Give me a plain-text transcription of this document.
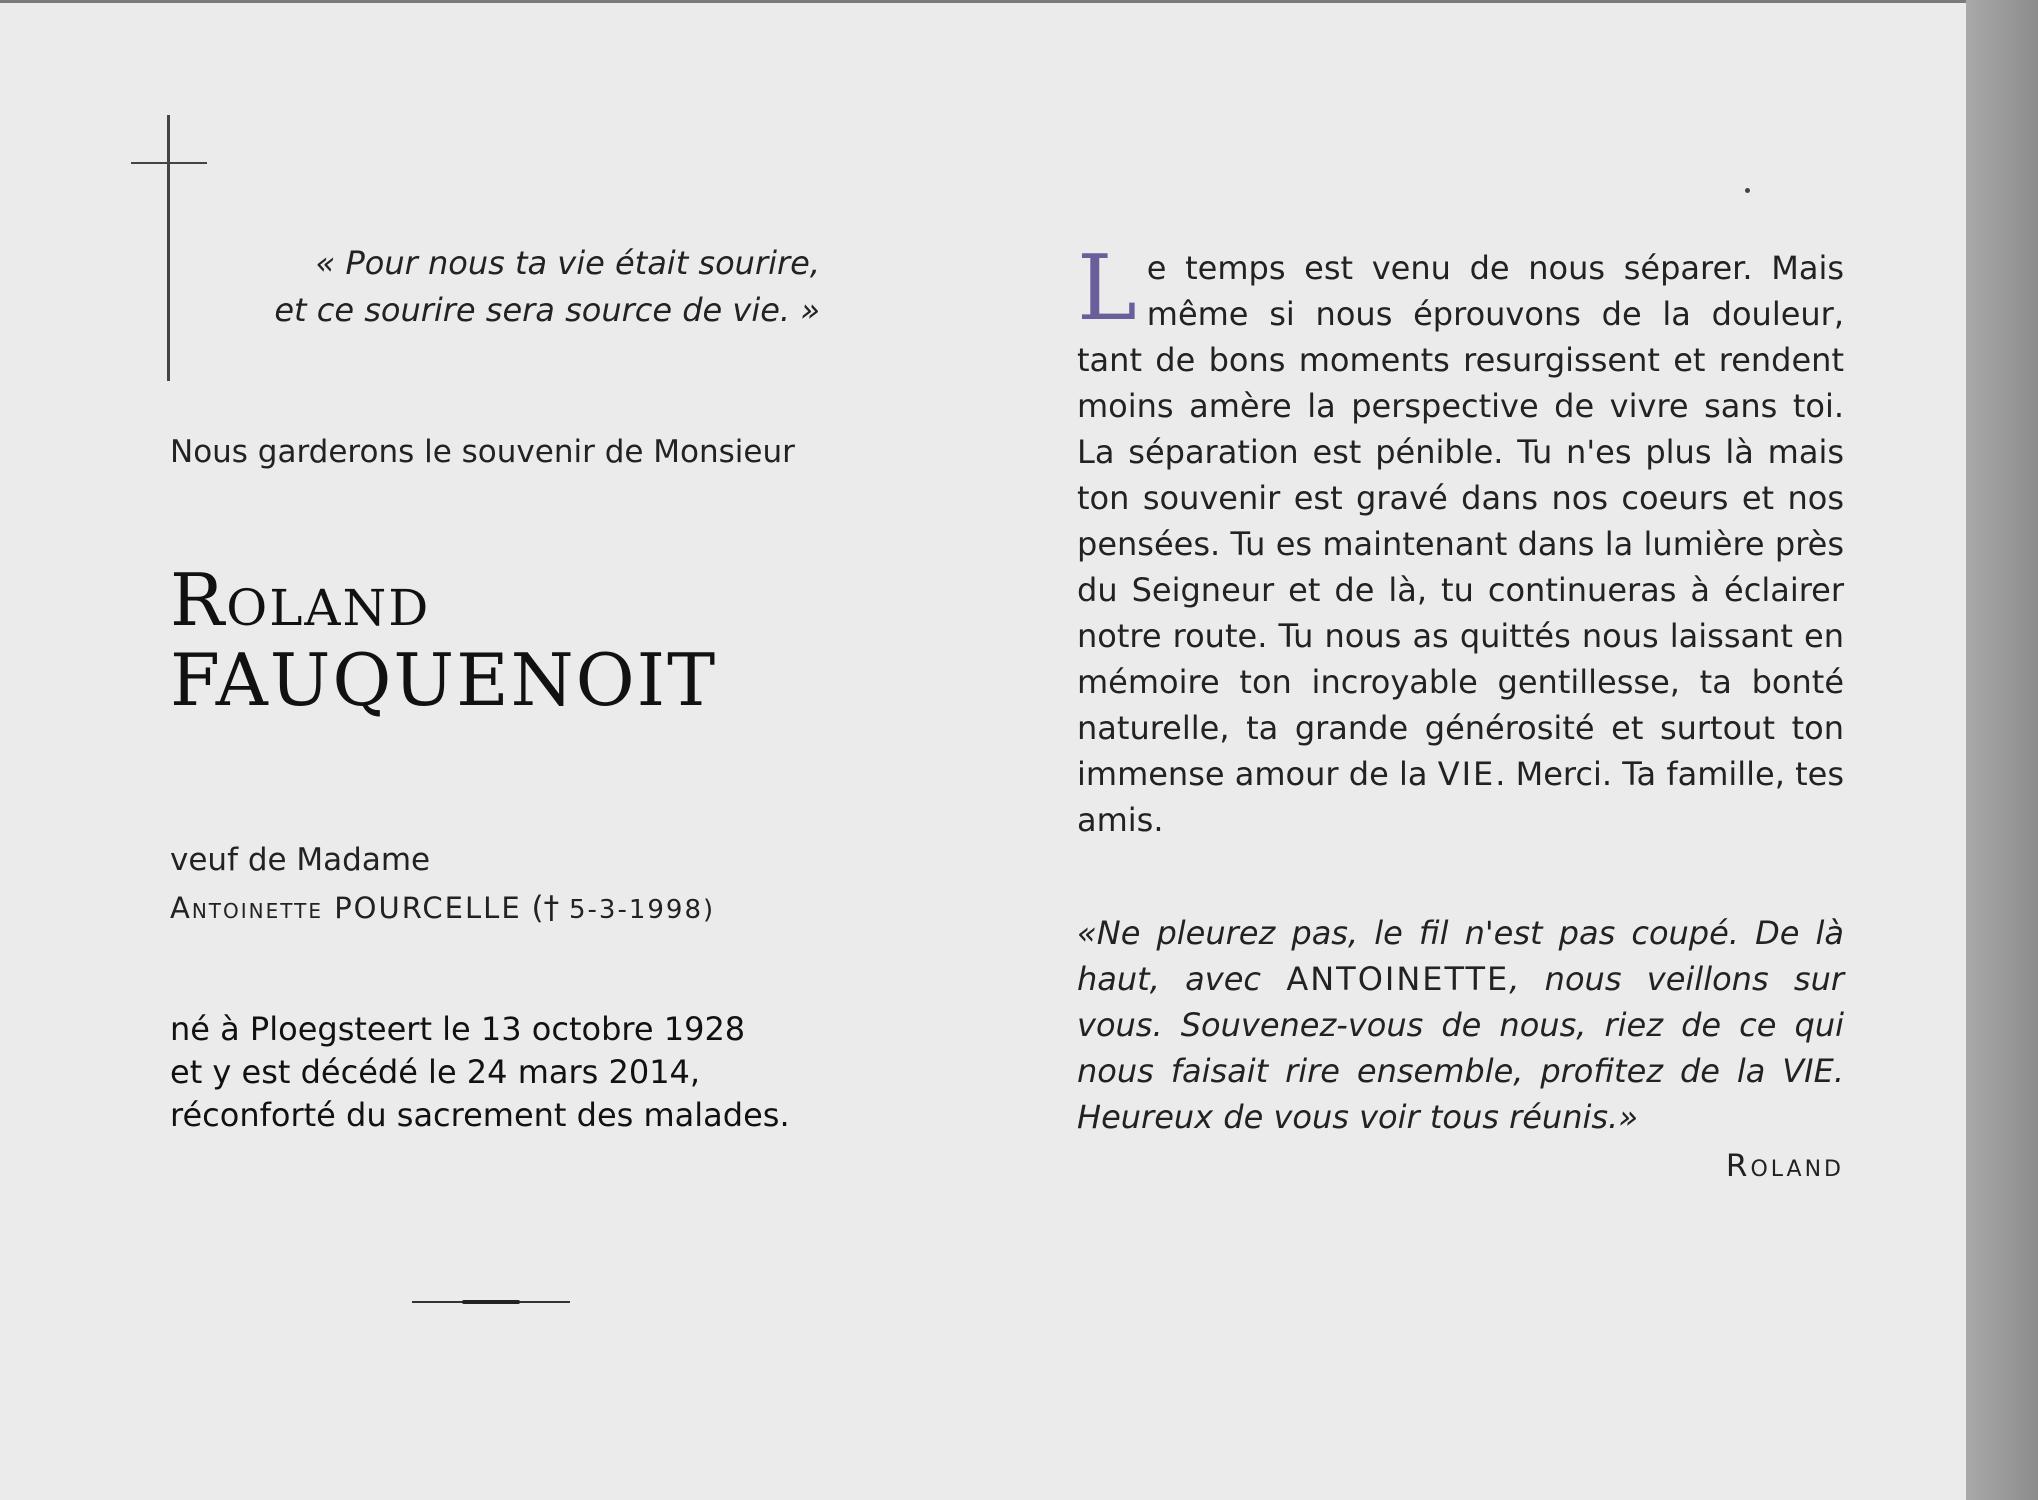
« Pour nous ta vie était sourire,
et ce sourire sera source de vie. »
Nous garderons le souvenir de Monsieur
Roland
FAUQUENOIT
veuf de Madame
Antoinette POURCELLE († 5-3-1998)
né à Ploegsteert le 13 octobre 1928
et y est décédé le 24 mars 2014,
réconforté du sacrement des malades.
Le temps est venu de nous séparer. Mais même si nous éprouvons de la douleur, tant de bons moments resurgissent et rendent moins amère la perspective de vivre sans toi. La séparation est pénible. Tu n'es plus là mais ton souvenir est gravé dans nos coeurs et nos pensées. Tu es maintenant dans la lumière près du Seigneur et de là, tu continueras à éclairer notre route. Tu nous as quittés nous laissant en mémoire ton incroyable gentillesse, ta bonté naturelle, ta grande générosité et surtout ton immense amour de la VIE. Merci. Ta famille, tes amis.
«Ne pleurez pas, le fil n'est pas coupé. De là haut, avec ANTOINETTE, nous veillons sur vous. Souvenez-vous de nous, riez de ce qui nous faisait rire ensemble, profitez de la VIE. Heureux de vous voir tous réunis.»
Roland
